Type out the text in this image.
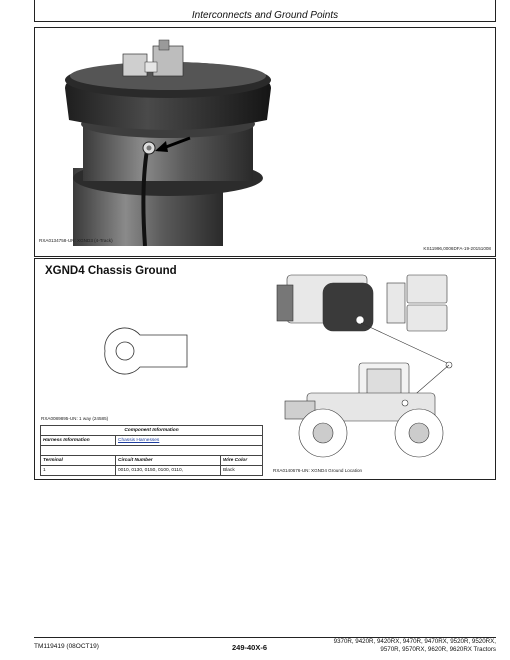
Interconnects and Ground Points
RXA0134758-UN: XGND3 (4-Track)
KS11996,0006DFA-19-20151008
XGND4 Chassis Ground
RXA0089895-UN: 1 way (24585)
Component Information		
Harness Information	Chassis Harnesses	

Terminal	Circuit Number	Wire Color
1	0010, 0130, 0150, 0100, 0110,	Black	RXA0140676-UN: XGND4 Ground Location
TM119419 (08OCT19)	249-40X-6
9370R, 9420R, 9420RX, 9470R, 9470RX, 9520R, 9520RX,
9570R, 9570RX, 9620R, 9620RX Tractors
